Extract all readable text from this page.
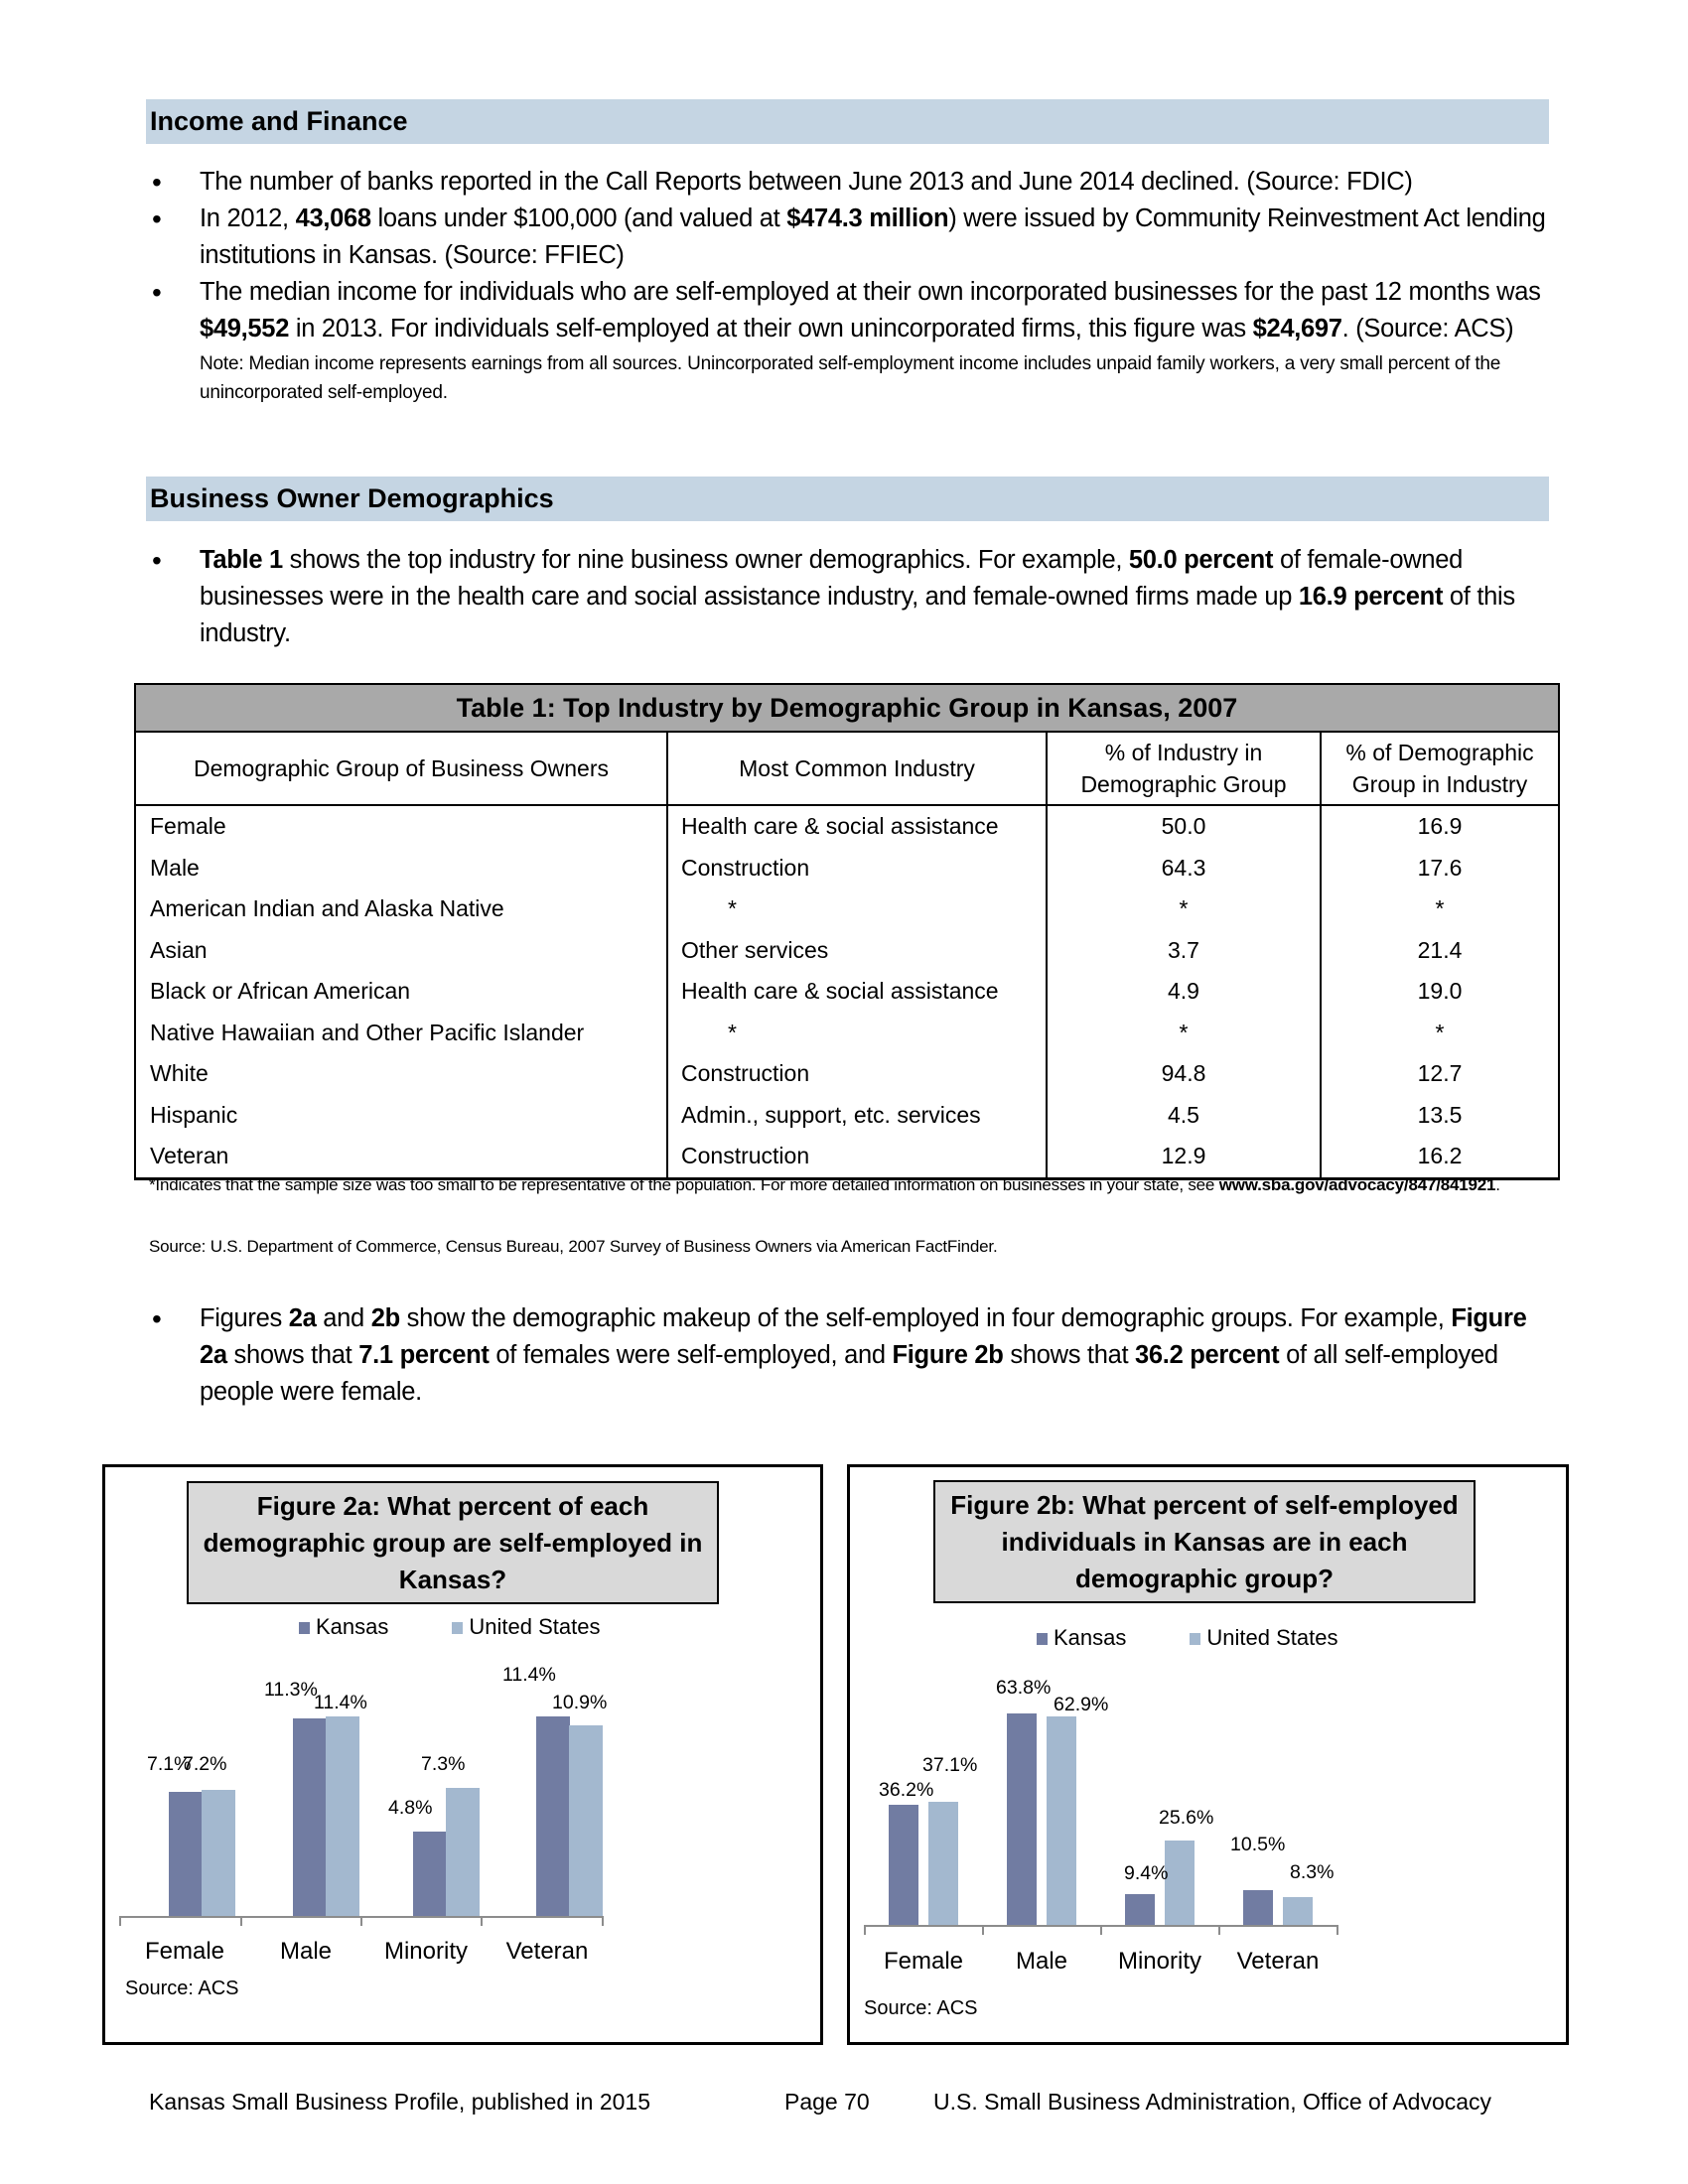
Income and Finance
• The number of banks reported in the Call Reports between June 2013 and June 2014 declined. (Source: FDIC)
• In 2012, 43,068 loans under $100,000 (and valued at $474.3 million) were issued by Community Reinvestment Act lending institutions in Kansas. (Source: FFIEC)
• The median income for individuals who are self-employed at their own incorporated businesses for the past 12 months was $49,552 in 2013. For individuals self-employed at their own unincorporated firms, this figure was $24,697. (Source: ACS)
Note: Median income represents earnings from all sources. Unincorporated self-employment income includes unpaid family workers, a very small percent of the unincorporated self-employed.
Business Owner Demographics
• Table 1 shows the top industry for nine business owner demographics. For example, 50.0 percent of female-owned businesses were in the health care and social assistance industry, and female-owned firms made up 16.9 percent of this industry.
Table 1: Top Industry by Demographic Group in Kansas, 2007			
Demographic Group of Business Owners	Most Common Industry	% of Industry in Demographic Group	% of Demographic Group in Industry
Female	Health care & social assistance	50.0	16.9
Male	Construction	64.3	17.6
American Indian and Alaska Native	*	*	*
Asian	Other services	3.7	21.4
Black or African American	Health care & social assistance	4.9	19.0
Native Hawaiian and Other Pacific Islander	*	*	*
White	Construction	94.8	12.7
Hispanic	Admin., support, etc. services	4.5	13.5
Veteran	Construction	12.9	16.2
*Indicates that the sample size was too small to be representative of the population. For more detailed information on businesses in your state, see www.sba.gov/advocacy/847/841921.
Source: U.S. Department of Commerce, Census Bureau, 2007 Survey of Business Owners via American FactFinder.
• Figures 2a and 2b show the demographic makeup of the self-employed in four demographic groups. For example, Figure 2a shows that 7.1 percent of females were self-employed, and Figure 2b shows that 36.2 percent of all self-employed people were female.
Figure 2a: What percent of each demographic group are self-employed in Kansas?
Kansas	United States
7.1%
7.2%
11.3%
11.4%
4.8%
7.3%
11.4%
10.9%
Female	Male	Minority	Veteran
Source: ACS
Figure 2b: What percent of self-employed individuals in Kansas are in each demographic group?
Kansas	United States
36.2%
37.1%
63.8%
62.9%
9.4%
25.6%
10.5%
8.3%
Female	Male	Minority	Veteran
Source: ACS
Kansas Small Business Profile, published in 2015	Page 70	U.S. Small Business Administration, Office of Advocacy
